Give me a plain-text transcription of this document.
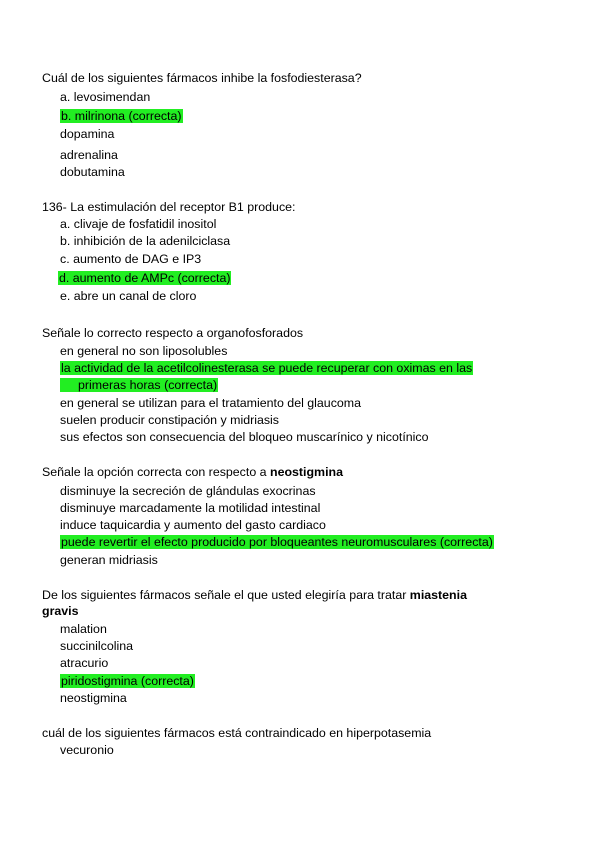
Cuál de los siguientes fármacos inhibe la fosfodiesterasa?
a. levosimendan
b. milrinona (correcta)
dopamina
adrenalina
dobutamina
136- La estimulación del receptor B1 produce:
a. clivaje de fosfatidil inositol
b. inhibición de la adenilciclasa
c. aumento de DAG e IP3
d. aumento de AMPc (correcta)
e. abre un canal de cloro
Señale lo correcto respecto a organofosforados
en general no son liposolubles
la actividad de la acetilcolinesterasa se puede recuperar con oximas en las
primeras horas (correcta)
en general se utilizan para el tratamiento del glaucoma
suelen producir constipación y midriasis
sus efectos son consecuencia del bloqueo muscarínico y nicotínico
Señale la opción correcta con respecto a neostigmina
disminuye la secreción de glándulas exocrinas
disminuye marcadamente la motilidad intestinal
induce taquicardia y aumento del gasto cardiaco
puede revertir el efecto producido por bloqueantes neuromusculares (correcta)
generan midriasis
De los siguientes fármacos señale el que usted elegiría para tratar miastenia
gravis
malation
succinilcolina
atracurio
piridostigmina (correcta)
neostigmina
cuál de los siguientes fármacos está contraindicado en hiperpotasemia
vecuronio
